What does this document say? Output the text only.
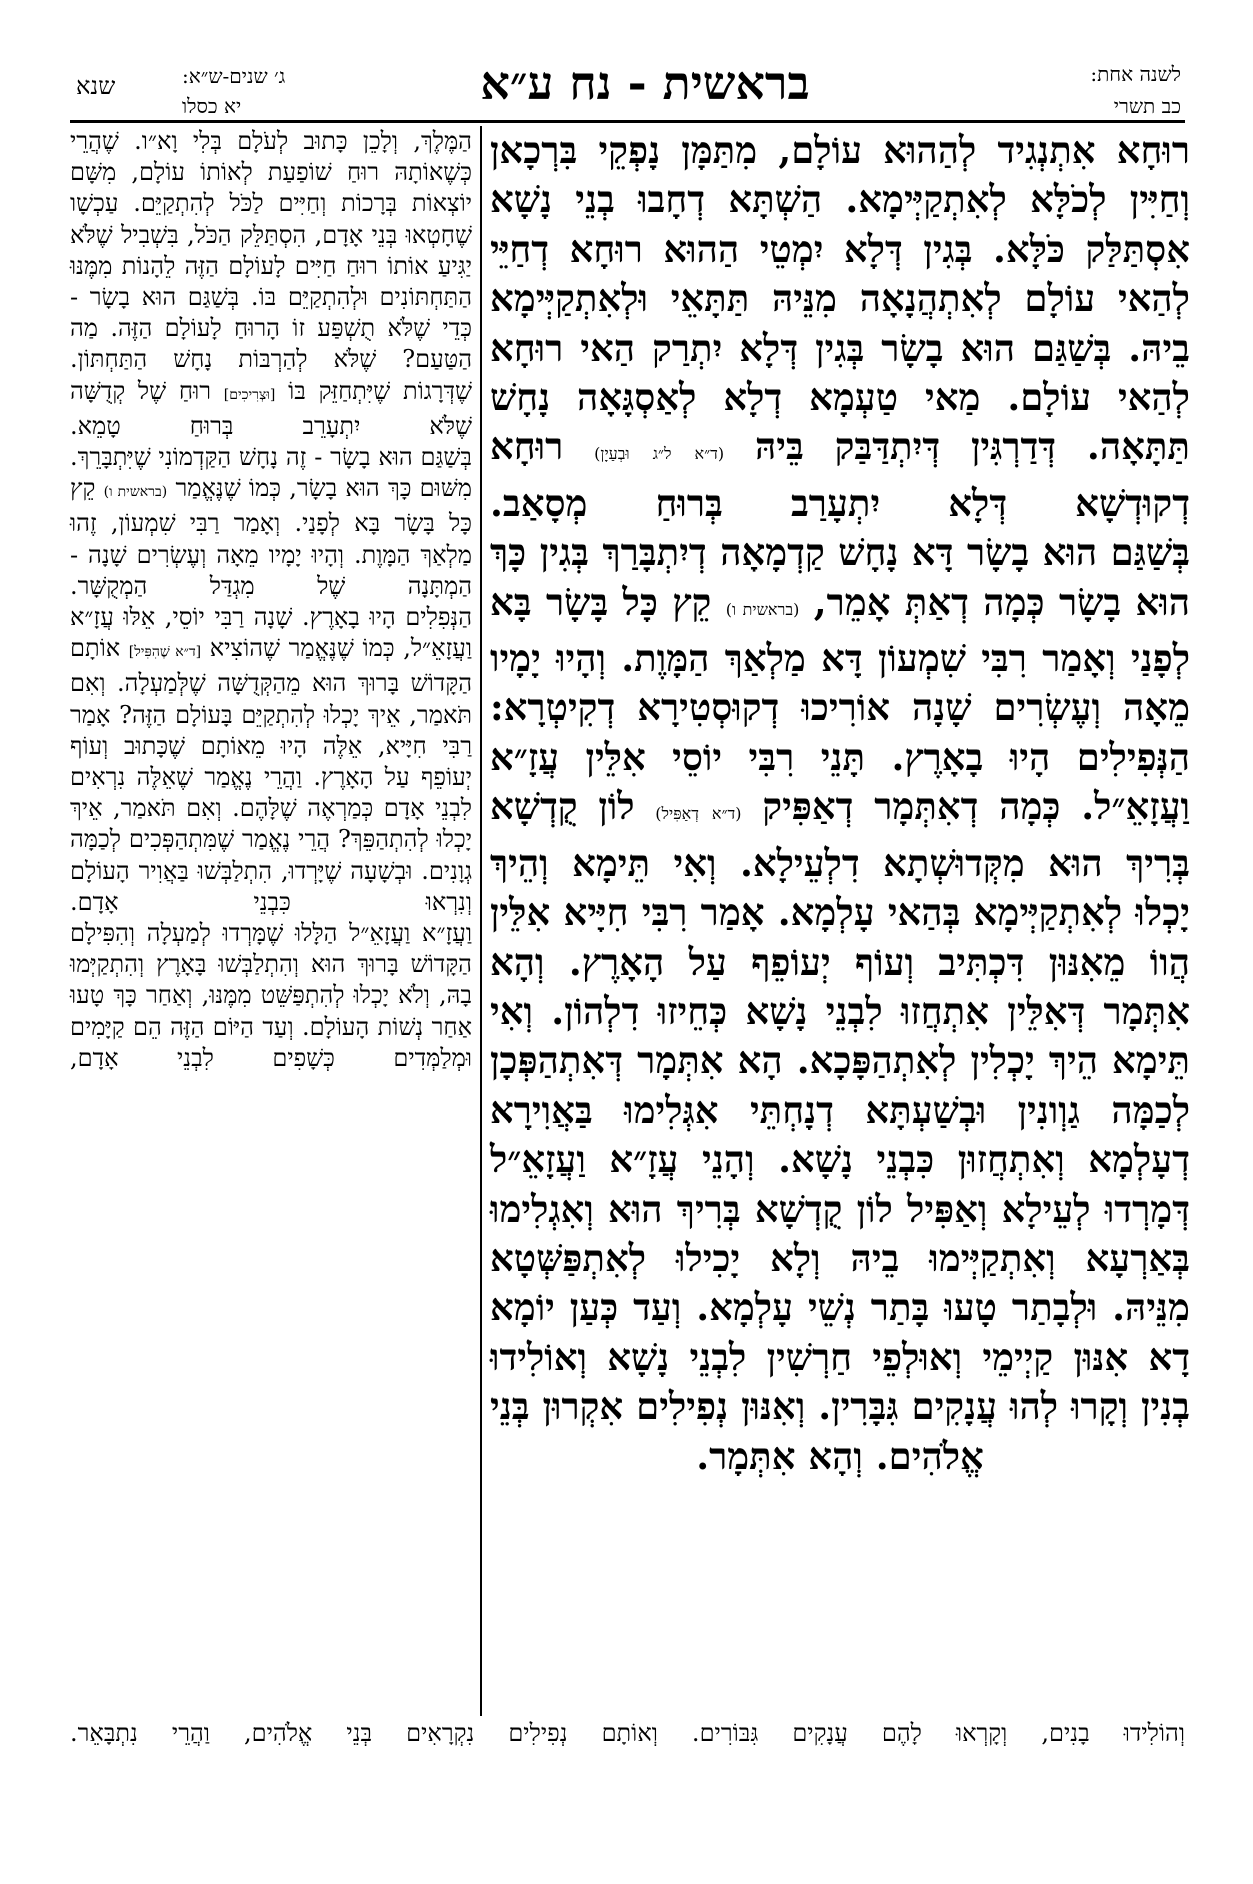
שנא	ג׳ שנים-ש״א:
יא כסלו	בראשית - נח ע״א	לשנה אחת:
כב תשרי

רוּחָא אִתְנְגִיד לְהַהוּא עוֹלָם, מִתַּמָּן נָפְקֵי בִּרְכָאן וְחַיִּין לְכֹלָּא לְאִתְקַיְּימָא. הַשְׁתָּא דְחָבוּ בְנֵי נָשָׁא אִסְתַּלַּק כֹּלָּא. בְּגִין דְּלָא יִמְטֵי הַהוּא רוּחָא דְחַיֵּי לְהַאי עוֹלָם לְאִתְהֲנָאָה מִנֵּיהּ תַּתָּאֵי וּלְאִתְקַיְּימָא בֵיהּ. בְּשַׁגַּם הוּא בָשָׂר בְּגִין דְּלָא יִתְרַק הַאי רוּחָא לְהַאי עוֹלָם. מַאי טַעְמָא דְלָא לְאַסְגָּאָה נָחָשׁ תַּתָּאָה. דְּדַרְגִּין דְּיִתְדַּבַּק בֵּיהּ (ד״א ל״ג וּבְעַיָן) רוּחָא דְקוּדְשָׁא דְּלָא יִתְעָרַב בְּרוּחַ מְסָאַב.

בְּשַׁגַּם הוּא בָשָׂר דָּא נָחָשׁ קַדְמָאָה דְיִתְבָּרַךְ בְּגִין כָּךְ הוּא בָשָׂר כְּמָה דְאַתְּ אָמֵר, (בראשית ו) קֵץ כָּל בָּשָׂר בָּא לְפָנַי וְאָמַר רִבִּי שִׁמְעוֹן דָּא מַלְאַךְ הַמָּוֶת. וְהָיוּ יָמָיו מֵאָה וְעֶשְׂרִים שָׁנָה אוֹרִיכוּ דְקוּסְטִירָא דְקִיטְרָא:

הַנְּפִילִים הָיוּ בָאָרֶץ. תָּנֵי רִבִּי יוֹסֵי אִלֵּין עֲזָ״א וַעֲזָאֵ״ל. כְּמָה דְאִתְּמָר דְאַפִּיק (ד״א דְאַפִּיל) לוֹן קֻדְשָׁא בְּרִיךְ הוּא מִקְּדוּשְׁתָא דִלְעֵילָא. וְאִי תֵּימָא וְהֵיךְ יָכְלוּ לְאִתְקַיְּימָא בְּהַאי עָלְמָא. אָמַר רִבִּי חִיָּיא אִלֵּין הֲווֹ מֵאִנּוּן דִּכְתִּיב וְעוֹף יְעוֹפֵף עַל הָאָרֶץ. וְהָא אִתְּמָר דְּאִלֵּין אִתְחֲזוּ לִבְנֵי נָשָׁא כְּחֵיזוּ דִלְהוֹן. וְאִי תֵּימָא הֵיךְ יָכְלִין לְאִתְהַפָּכָא. הָא אִתְּמָר דְּאִתְהַפְּכָן לְכַמָּה גַוְונִין וּבְשַׁעְתָּא דְנָחְתֵּי אִגְּלִימוּ בַּאֲוִירָא דְעָלְמָא וְאִתְחֲזוּן כִּבְנֵי נָשָׁא. וְהָנֵי עֲזָ״א וַעֲזָאֵ״ל דְּמָרְדוּ לְעֵילָא וְאַפִּיל לוֹן קֻדְשָׁא בְּרִיךְ הוּא וְאִגְלִימוּ בְּאַרְעָא וְאִתְקַיְּימוּ בֵיהּ וְלָא יָכִילוּ לְאִתְפַּשְּׁטָא מִנֵּיהּ. וּלְבָתַר טָעוּ בָּתַר נְשֵׁי עָלְמָא. וְעַד כְּעַן יוֹמָא דָא אִנּוּן קַיְימֵי וְאוּלְפֵי חַרְשִׁין לִבְנֵי נָשָׁא וְאוֹלִידוּ בְנִין וְקָרוּ לְהוּ עֲנָקִים גִּבָּרִין. וְאִנּוּן נְפִילִים אִקְרוּן בְּנֵי אֱלֹהִים. וְהָא אִתְּמָר.

הַמֶּלֶךְ, וְלָכֵן כָּתוּב לְעֹלָם בְּלִי וָא״ו. שֶׁהֲרֵי כְּשֶׁאוֹתָהּ רוּחַ שׁוֹפַעַת לְאוֹתוֹ עוֹלָם, מִשָּׁם יוֹצְאוֹת בְּרָכוֹת וְחַיִּים לַכֹּל לְהִתְקַיֵּם. עַכְשָׁו שֶׁחָטְאוּ בְּנֵי אָדָם, הִסְתַּלֵּק הַכֹּל, בִּשְׁבִיל שֶׁלֹּא יַגִּיעַ אוֹתוֹ רוּחַ חַיִּים לָעוֹלָם הַזֶּה לֵהָנוֹת מִמֶּנּוּ הַתַּחְתּוֹנִים וּלְהִתְקַיֵּם בּוֹ. בְּשַׁגַּם הוּא בָשָׂר - כְּדֵי שֶׁלֹּא תֻשְׁפַּע זוֹ הָרוּחַ לָעוֹלָם הַזֶּה. מַה הַטַּעַם? שֶׁלֹּא לְהַרְבּוֹת נָחָשׁ הַתַּחְתּוֹן. שֶׁדְּרָגוֹת שֶׁיִּתְחַזֵּק בּוֹ [וּצְרִיכִים] רוּחַ שֶׁל קְדֻשָּׁה שֶׁלֹּא יִתְעָרֵב בְּרוּחַ טָמֵא.

בְּשַׁגַּם הוּא בָשָׂר - זֶה נָחָשׁ הַקַּדְמוֹנִי שֶׁיִּתְבָּרֵךְ. מִשּׁוּם כָּךְ הוּא בָשָׂר, כְּמוֹ שֶׁנֶּאֱמַר (בראשית ו) קֵץ כָּל בָּשָׂר בָּא לְפָנַי. וְאָמַר רַבִּי שִׁמְעוֹן, זֶהוּ מַלְאַךְ הַמָּוֶת. וְהָיוּ יָמָיו מֵאָה וְעֶשְׂרִים שָׁנָה - הַמְתָּנָה שֶׁל מִגְדַּל הַמְקֻשָּׁר.

הַנְּפִלִים הָיוּ בָאָרֶץ. שָׁנָה רַבִּי יוֹסֵי, אֵלּוּ עֲזָ״א וַעֲזָאֵ״ל, כְּמוֹ שֶׁנֶּאֱמַר שֶׁהוֹצִיא [ד״א שֶׁהִפִּיל] אוֹתָם הַקָּדוֹשׁ בָּרוּךְ הוּא מֵהַקְּדֻשָּׁה שֶׁלְּמַעְלָה. וְאִם תֹּאמַר, אֵיךְ יָכְלוּ לְהִתְקַיֵּם בָּעוֹלָם הַזֶּה? אָמַר רַבִּי חִיָּיא, אֵלֶּה הָיוּ מֵאוֹתָם שֶׁכָּתוּב וְעוֹף יְעוֹפֵף עַל הָאָרֶץ. וַהֲרֵי נֶאֱמַר שֶׁאֵלֶּה נִרְאִים לִבְנֵי אָדָם כְּמַרְאֶה שֶׁלָּהֶם. וְאִם תֹּאמַר, אֵיךְ יָכְלוּ לְהִתְהַפֵּךְ? הֲרֵי נֶאֱמַר שֶׁמִּתְהַפְּכִים לְכַמָּה גְוָנִים. וּבְשָׁעָה שֶׁיָּרְדוּ, הִתְלַבְּשׁוּ בַּאֲוִיר הָעוֹלָם וְנִרְאוּ כִּבְנֵי אָדָם.

וַעֲזָ״א וַעֲזָאֵ״ל הַלָּלוּ שֶׁמָּרְדוּ לְמַעְלָה וְהִפִּילָם הַקָּדוֹשׁ בָּרוּךְ הוּא וְהִתְלַבְּשׁוּ בָּאָרֶץ וְהִתְקַיְּמוּ בָהּ, וְלֹא יָכְלוּ לְהִתְפַּשֵּׁט מִמֶּנּוּ, וְאַחַר כָּךְ טָעוּ אַחַר נְשׁוֹת הָעוֹלָם. וְעַד הַיּוֹם הַזֶּה הֵם קַיָּמִים וּמְלַמְּדִים כְּשָׁפִים לִבְנֵי אָדָם,

וְהוֹלִידוּ בָנִים, וְקָרְאוּ לָהֶם עֲנָקִים גִּבּוֹרִים. וְאוֹתָם נְפִילִים נִקְרָאִים בְּנֵי אֱלֹהִים, וַהֲרֵי נִתְבָּאֵר.
